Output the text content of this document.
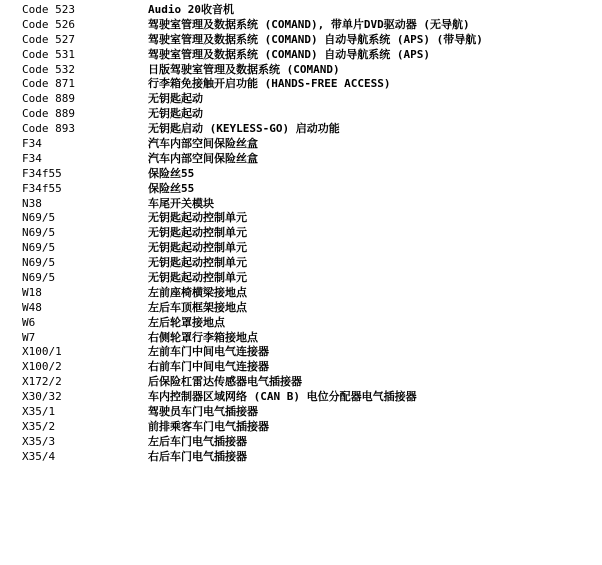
Code 523	Audio 20收音机
Code 526	驾驶室管理及数据系统 (COMAND), 带单片DVD驱动器 (无导航)
Code 527	驾驶室管理及数据系统 (COMAND) 自动导航系统 (APS) (带导航)
Code 531	驾驶室管理及数据系统 (COMAND) 自动导航系统 (APS)
Code 532	日版驾驶室管理及数据系统 (COMAND)
Code 871	行李箱免接触开启功能 (HANDS-FREE ACCESS)
Code 889	无钥匙起动
Code 889	无钥匙起动
Code 893	无钥匙启动 (KEYLESS-GO) 启动功能
F34	汽车内部空间保险丝盒
F34	汽车内部空间保险丝盒
F34f55	保险丝55
F34f55	保险丝55
N38	车尾开关模块
N69/5	无钥匙起动控制单元
N69/5	无钥匙起动控制单元
N69/5	无钥匙起动控制单元
N69/5	无钥匙起动控制单元
N69/5	无钥匙起动控制单元
W18	左前座椅横梁接地点
W48	左后车顶框架接地点
W6	左后轮罩接地点
W7	右侧轮罩行李箱接地点
X100/1	左前车门中间电气连接器
X100/2	右前车门中间电气连接器
X172/2	后保险杠雷达传感器电气插接器
X30/32	车内控制器区域网络 (CAN B) 电位分配器电气插接器
X35/1	驾驶员车门电气插接器
X35/2	前排乘客车门电气插接器
X35/3	左后车门电气插接器
X35/4	右后车门电气插接器
